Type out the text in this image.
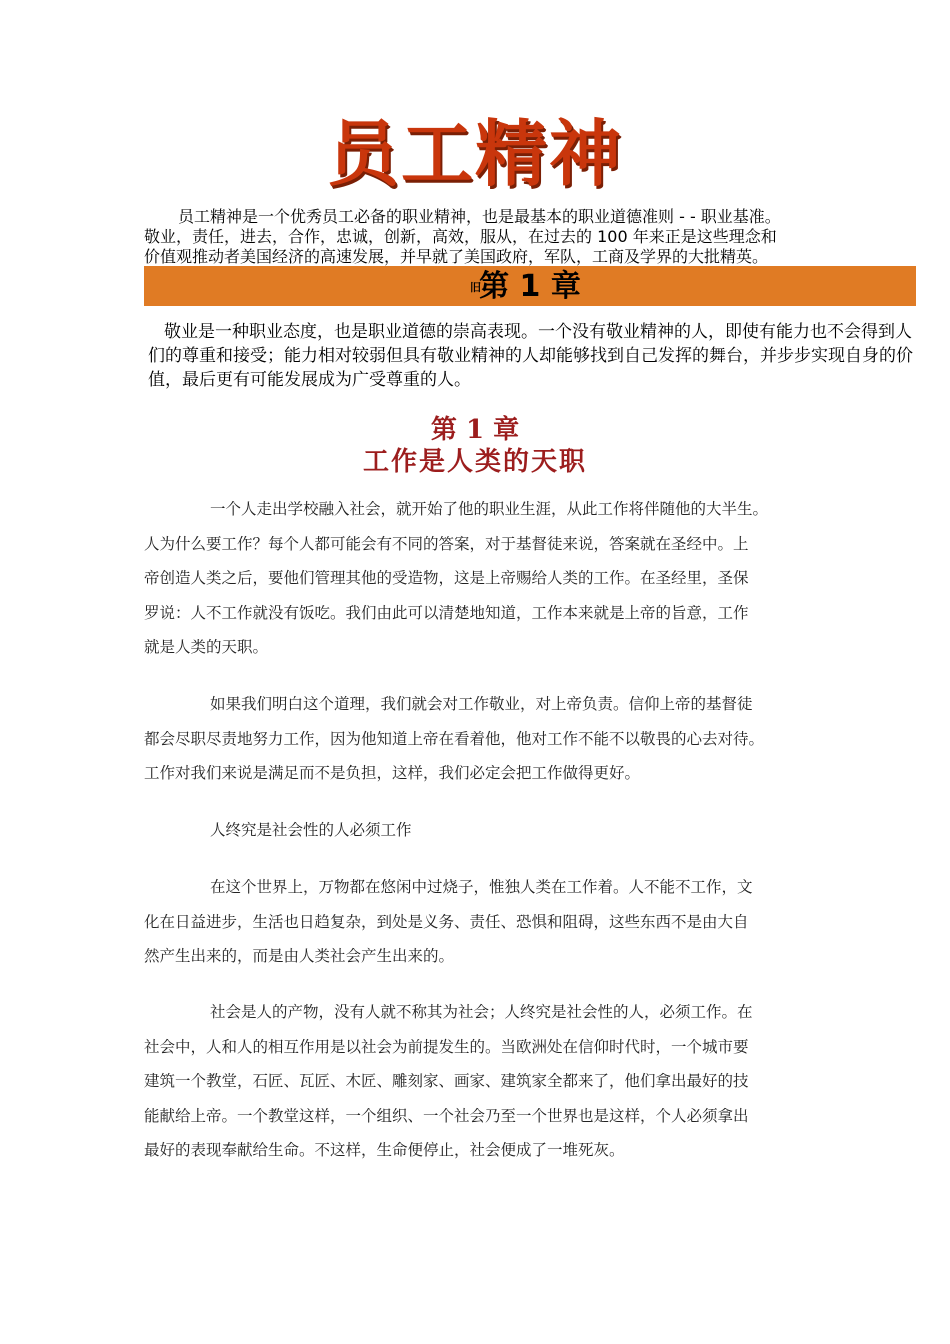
员工精神
员工精神是一个优秀员工必备的职业精神，也是最基本的职业道德准则 - - 职业基准。
敬业，责任，进去，合作，忠诚，创新，高效，服从，在过去的 100 年来正是这些理念和
价值观推动者美国经济的高速发展，并早就了美国政府，军队，工商及学界的大批精英。
旧
第 1 章
敬业是一种职业态度，也是职业道德的崇高表现。一个没有敬业精神的人，即使有能力也不会得到人
们的尊重和接受；能力相对较弱但具有敬业精神的人却能够找到自己发挥的舞台，并步步实现自身的价
值，最后更有可能发展成为广受尊重的人。
第 1 章
工作是人类的天职
一个人走出学校融入社会，就开始了他的职业生涯，从此工作将伴随他的大半生。
人为什么要工作？每个人都可能会有不同的答案，对于基督徒来说，答案就在圣经中。上
帝创造人类之后，要他们管理其他的受造物，这是上帝赐给人类的工作。在圣经里，圣保
罗说：人不工作就没有饭吃。我们由此可以清楚地知道，工作本来就是上帝的旨意，工作
就是人类的天职。
如果我们明白这个道理，我们就会对工作敬业，对上帝负责。信仰上帝的基督徒
都会尽职尽责地努力工作，因为他知道上帝在看着他，他对工作不能不以敬畏的心去对待。
工作对我们来说是满足而不是负担，这样，我们必定会把工作做得更好。
人终究是社会性的人必须工作
在这个世界上，万物都在悠闲中过烧子，惟独人类在工作着。人不能不工作，文
化在日益进步，生活也日趋复杂，到处是义务、责任、恐惧和阻碍，这些东西不是由大自
然产生出来的，而是由人类社会产生出来的。
社会是人的产物，没有人就不称其为社会；人终究是社会性的人，必须工作。在
社会中，人和人的相互作用是以社会为前提发生的。当欧洲处在信仰时代时，一个城市要
建筑一个教堂，石匠、瓦匠、木匠、雕刻家、画家、建筑家全都来了，他们拿出最好的技
能献给上帝。一个教堂这样，一个组织、一个社会乃至一个世界也是这样，个人必须拿出
最好的表现奉献给生命。不这样，生命便停止，社会便成了一堆死灰。
